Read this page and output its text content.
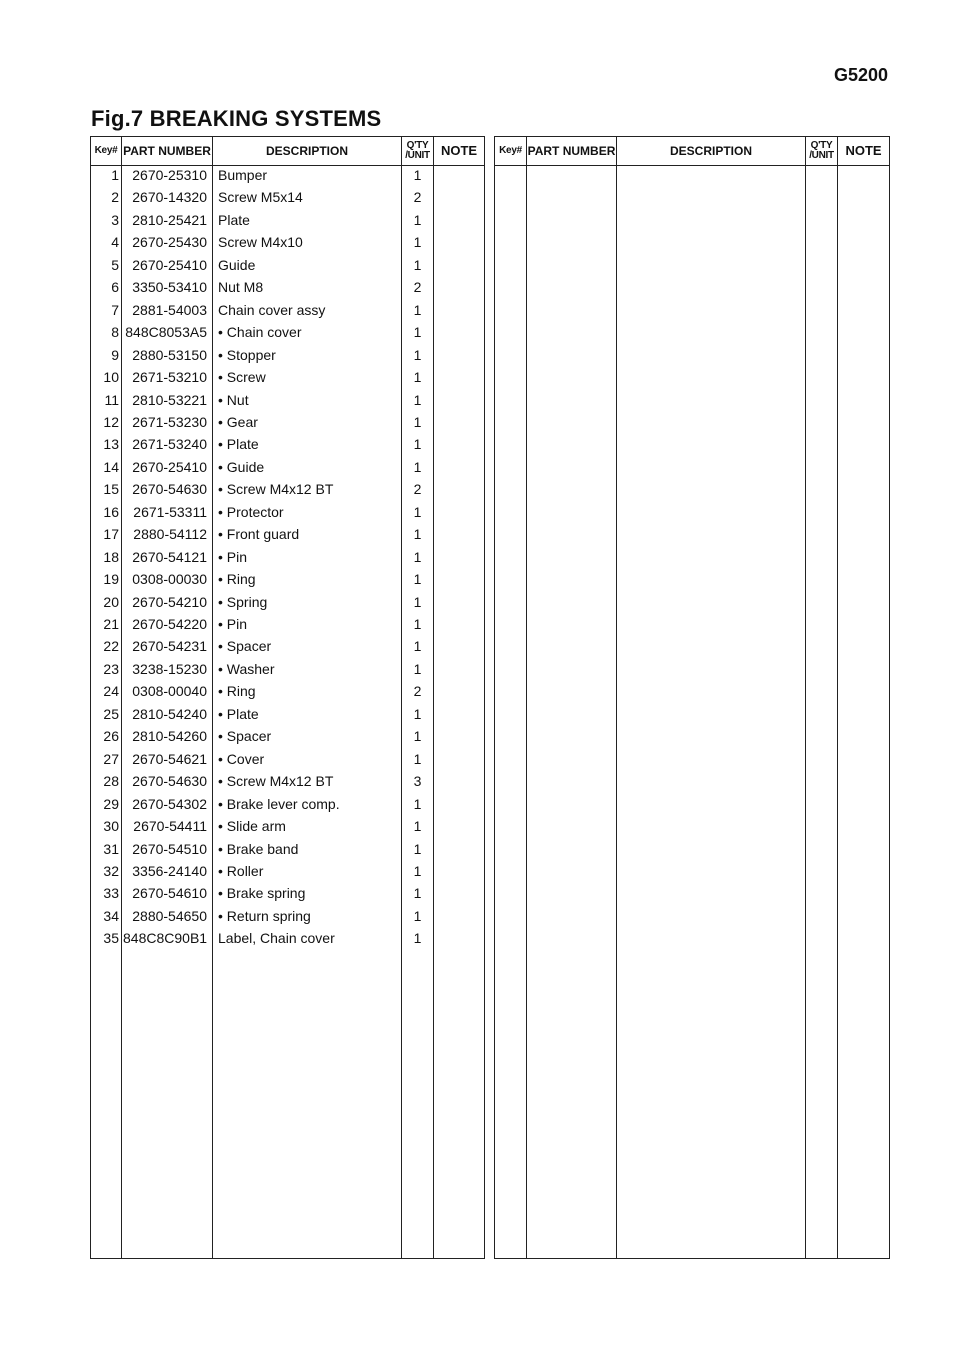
G5200
Fig.7 BREAKING SYSTEMS
Key# PART NUMBER	DESCRIPTION	Q'TY
/UNIT NOTE
1 2670-25310 Bumper	1
2 2670-14320 Screw M5x14	2
3 2810-25421 Plate	1
4 2670-25430 Screw M4x10	1
5 2670-25410 Guide	1
6 3350-53410 Nut M8	2
7 2881-54003 Chain cover assy	1
8 848C8053A5 • Chain cover	1
9 2880-53150 • Stopper	1
10 2671-53210 • Screw	1
11 2810-53221 • Nut	1
12 2671-53230 • Gear	1
13 2671-53240 • Plate	1
14 2670-25410 • Guide	1
15 2670-54630 • Screw M4x12 BT	2
16	2671-53311 • Protector	1
17	2880-54112 • Front guard	1
18 2670-54121 • Pin	1
19 0308-00030 • Ring	1
20 2670-54210 • Spring	1
21 2670-54220 • Pin	1
22 2670-54231 • Spacer	1
23 3238-15230 • Washer	1
24 0308-00040 • Ring	2
25 2810-54240 • Plate	1
26 2810-54260 • Spacer	1
27 2670-54621 • Cover	1
28 2670-54630 • Screw M4x12 BT	3
29 2670-54302 • Brake lever comp.	1
30	2670-54411 • Slide arm	1
31 2670-54510 • Brake band	1
32 3356-24140 • Roller	1
33 2670-54610 • Brake spring	1
34 2880-54650 • Return spring	1
35 848C8C90B1 Label, Chain cover	1
Key# PART NUMBER	DESCRIPTION	Q'TY
/UNIT NOTE
